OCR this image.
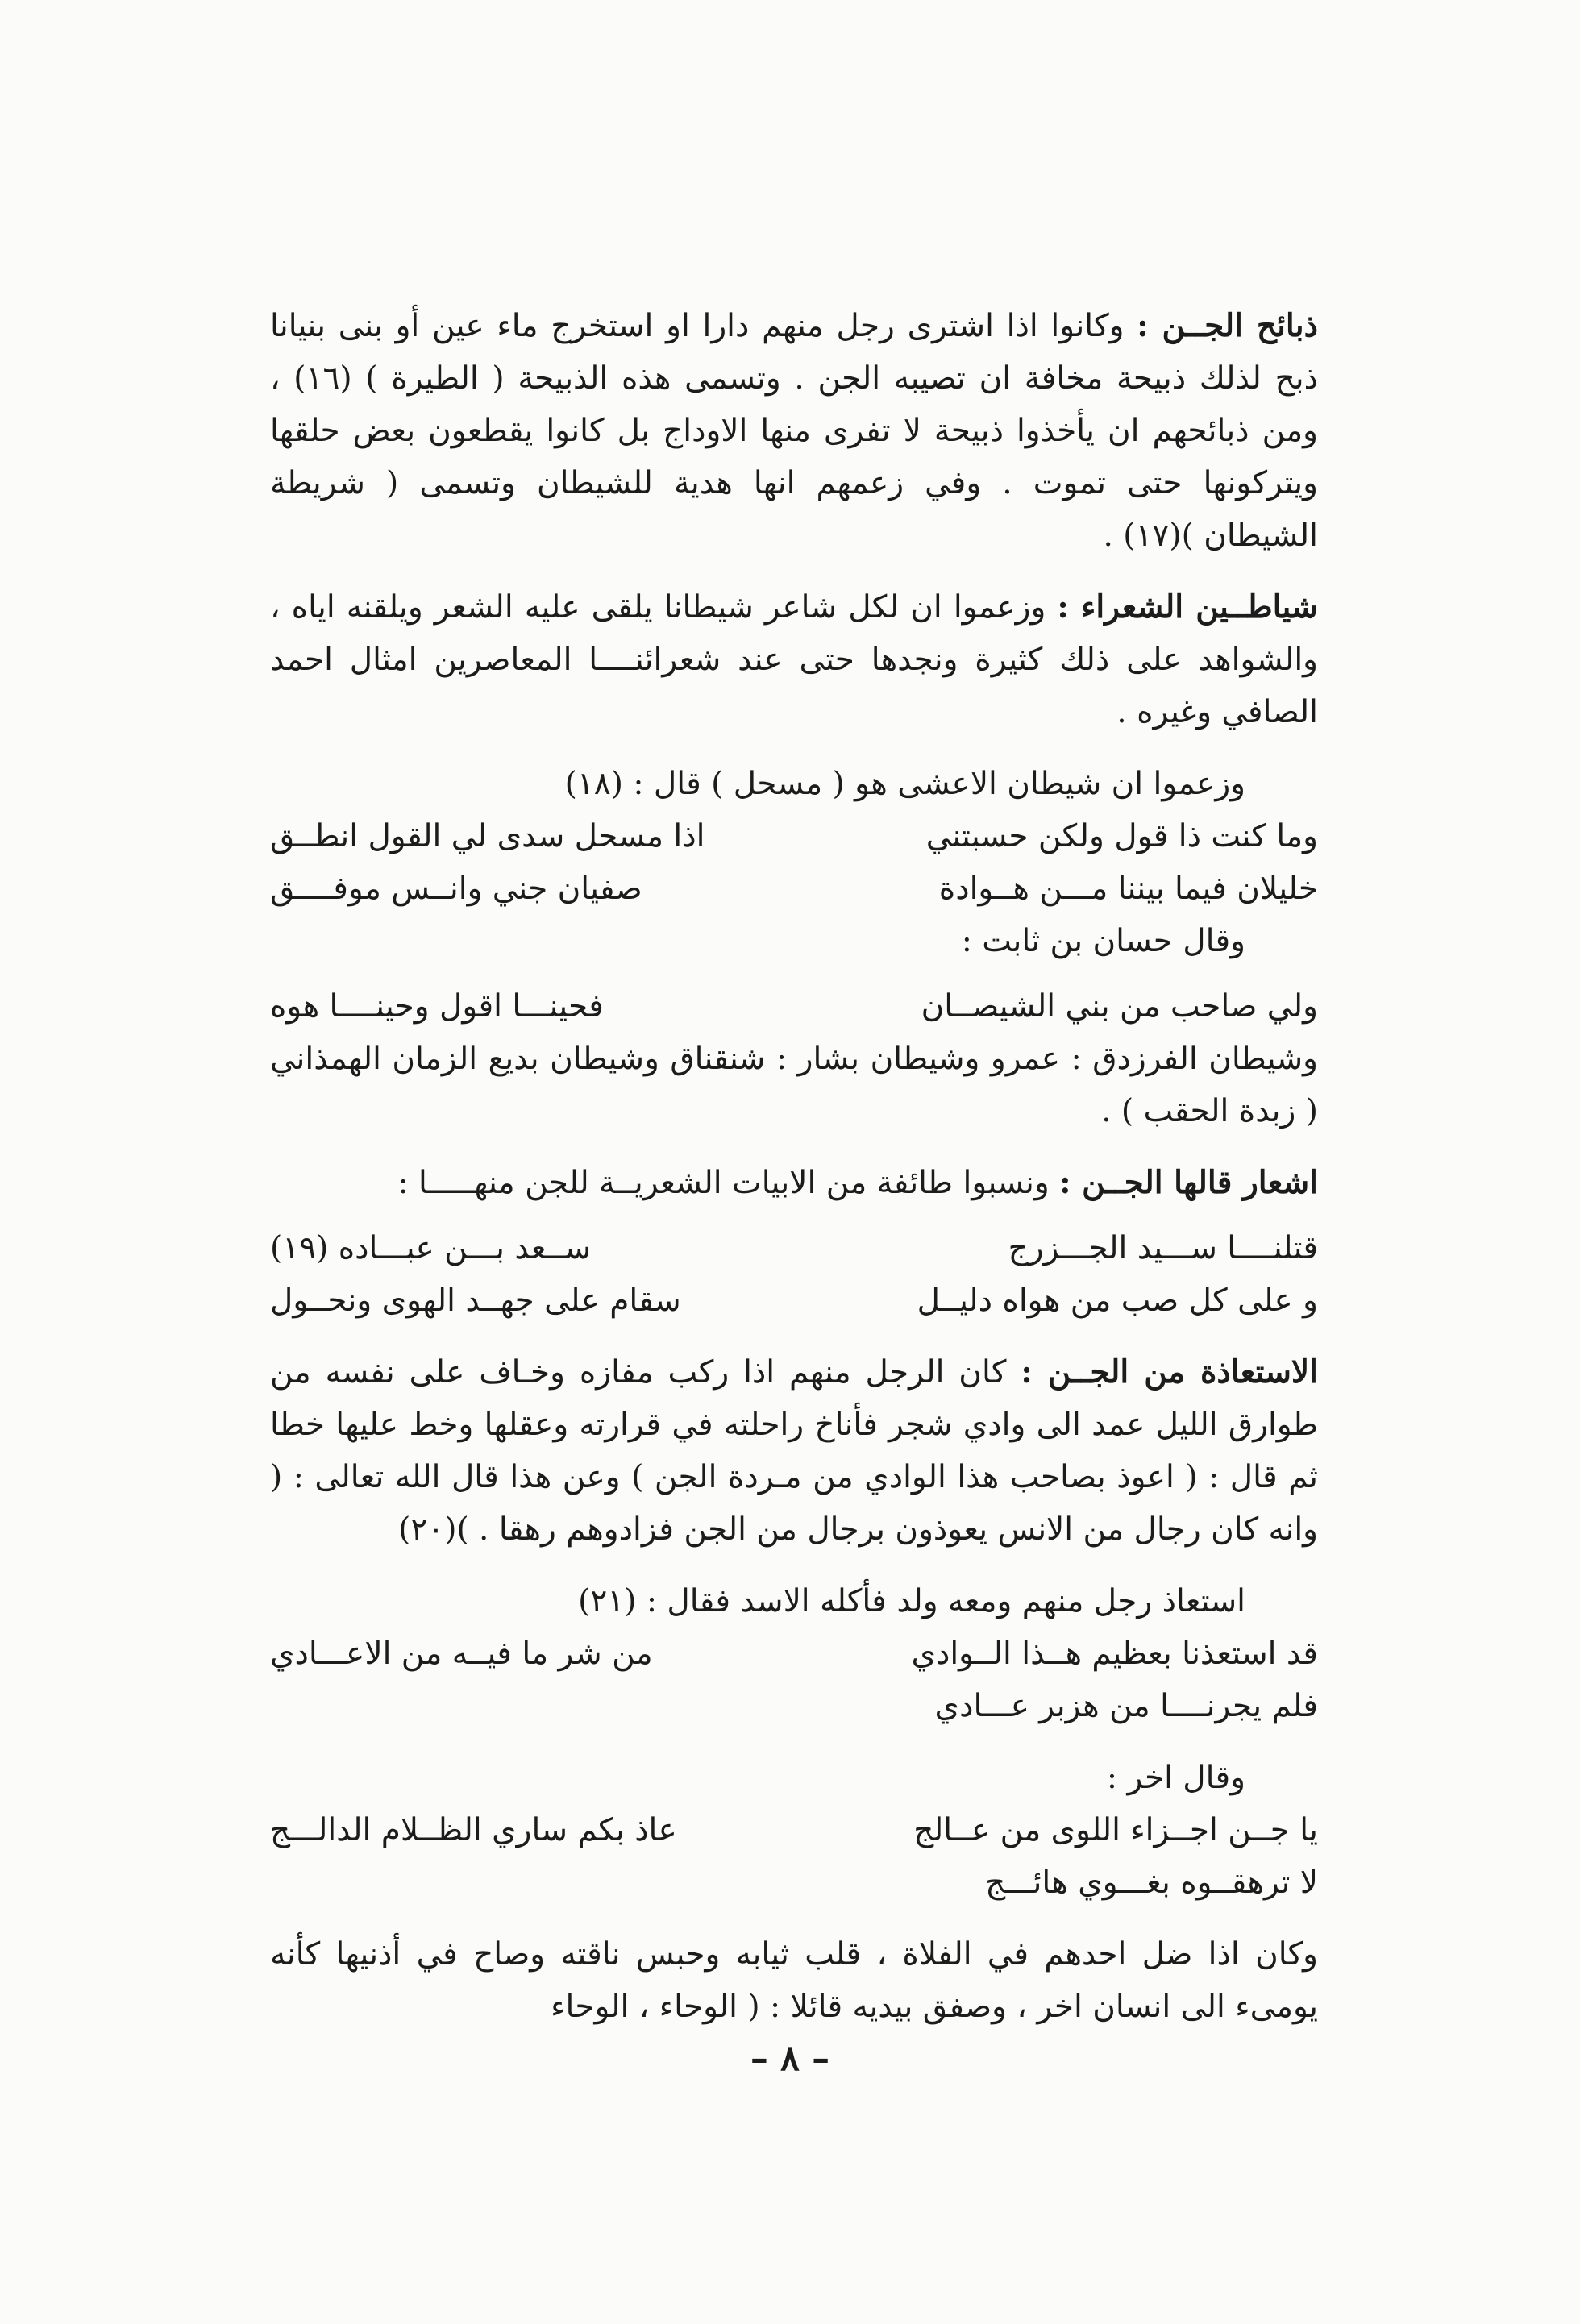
ذبائح الجــن : وكانوا اذا اشترى رجل منهم دارا او استخرج ماء عين أو بنى بنيانا ذبح لذلك ذبيحة مخافة ان تصيبه الجن . وتسمى هذه الذبيحة ( الطيرة ) (١٦) ، ومن ذبائحهم ان يأخذوا ذبيحة لا تفرى منها الاوداج بل كانوا يقطعون بعض حلقها ويتركونها حتى تموت . وفي زعمهم انها هدية للشيطان وتسمى ( شريطة الشيطان )(١٧) .

شياطــين الشعراء : وزعموا ان لكل شاعر شيطانا يلقى عليه الشعر ويلقنه اياه ، والشواهد على ذلك كثيرة ونجدها حتى عند شعرائنــــا المعاصرين امثال احمد الصافي وغيره .

وزعموا ان شيطان الاعشى هو ( مسحل ) قال : (١٨)

وما كنت ذا قول ولكن حسبتني
اذا مسحل سدى لي القول انطــق
خليلان فيما بيننا مـــن هــوادة
صفيان جني وانــس موفــــق

وقال حسان بن ثابت :

ولي صاحب من بني الشيصــان
فحينـــا اقول وحينــــا هوه

وشيطان الفرزدق : عمرو وشيطان بشار : شنقناق وشيطان بديع الزمان الهمذاني ( زبدة الحقب ) .

اشعار قالها الجــن : ونسبوا طائفة من الابيات الشعريــة للجن منهـــــا :

قتلنــــا ســـيد الجـــزرج
ســعد بـــن عبـــاده (١٩)
و على كل صب من هواه دليــل
سقام على جهــد الهوى ونحــول

الاستعاذة من الجــن : كان الرجل منهم اذا ركب مفازه وخـاف على نفسه من طوارق الليل عمد الى وادي شجر فأناخ راحلته في قرارته وعقلها وخط عليها خطا ثم قال : ( اعوذ بصاحب هذا الوادي من مـردة الجن ) وعن هذا قال الله تعالى : ( وانه كان رجال من الانس يعوذون برجال من الجن فزادوهم رهقا . )(٢٠)

استعاذ رجل منهم ومعه ولد فأكله الاسد فقال : (٢١)

قد استعذنا بعظيم هــذا الــوادي
من شر ما فيــه من الاعـــادي

فلم يجرنــــا من هزبر عـــادي

وقال اخر :

يا جــن اجــزاء اللوى من عــالج
عاذ بكم ساري الظــلام الدالـــج

لا ترهقــوه بغـــوي هائـــج

وكان اذا ضل احدهم في الفلاة ، قلب ثيابه وحبس ناقته وصاح في أذنيها كأنه يومىء الى انسان اخر ، وصفق بيديه قائلا : ( الوحاء ، الوحاء

– ٨ –
